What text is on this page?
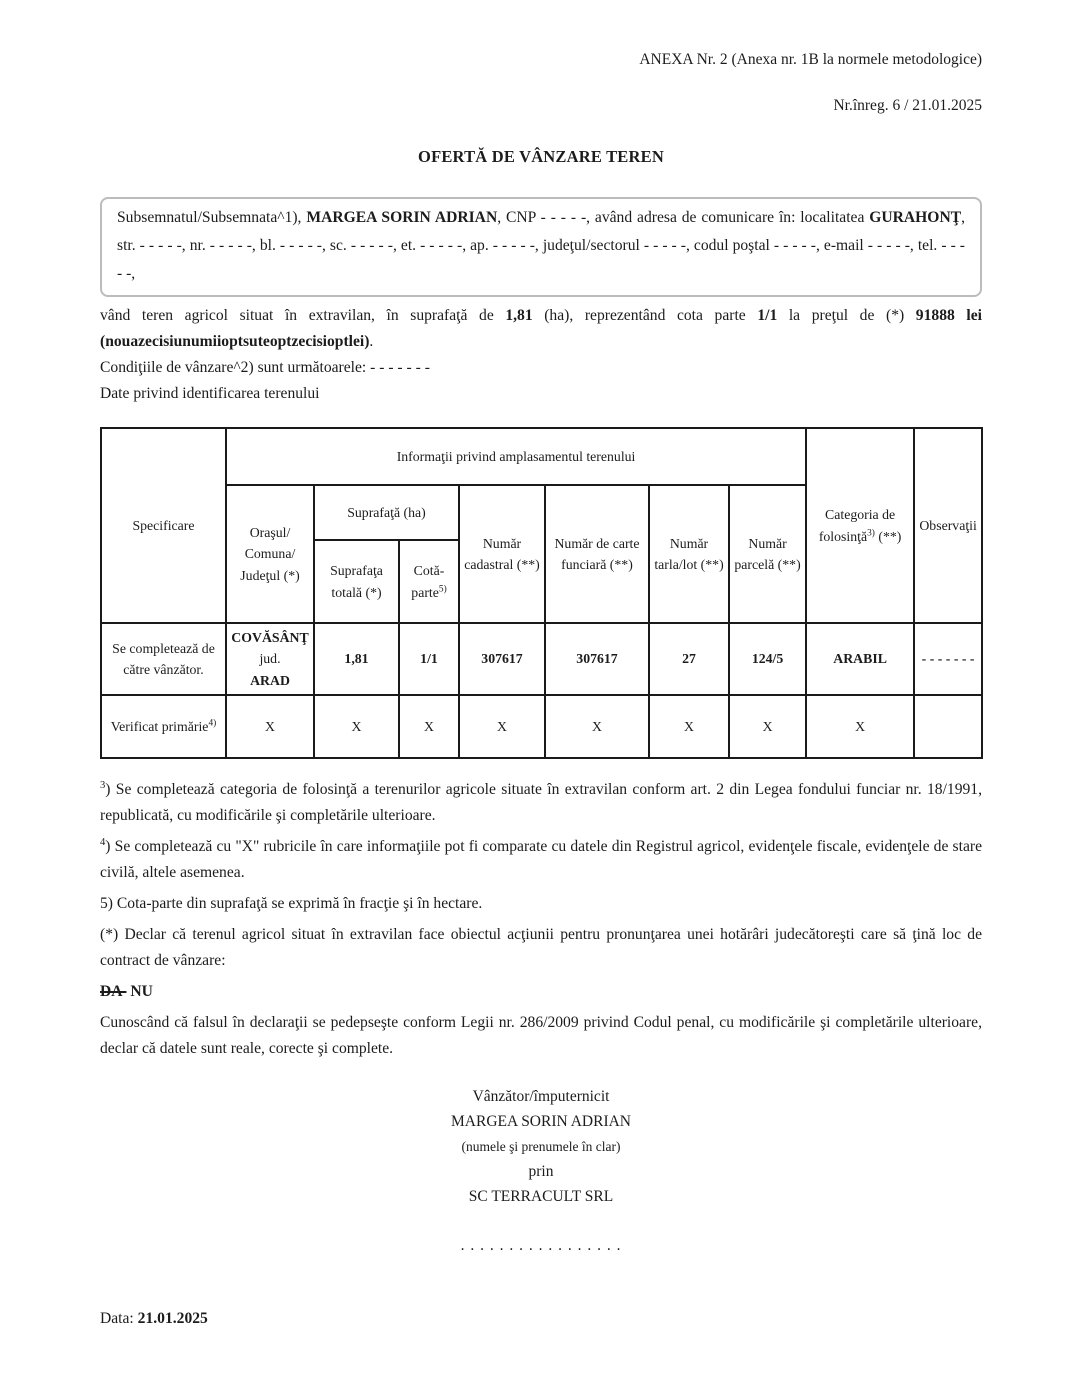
ANEXA Nr. 2 (Anexa nr. 1B la normele metodologice)
Nr.înreg. 6 / 21.01.2025
OFERTĂ DE VÂNZARE TEREN

Subsemnatul/Subsemnata^1), MARGEA SORIN ADRIAN, CNP - - - - -, având adresa de comunicare în: localitatea GURAHONŢ, str. - - - - -, nr. - - - - -, bl. - - - - -, sc. - - - - -, et. - - - - -, ap. - - - - -, judeţul/sectorul - - - - -, codul poştal - - - - -, e-mail - - - - -, tel. - - - - -,

vând teren agricol situat în extravilan, în suprafaţă de 1,81 (ha), reprezentând cota parte 1/1 la preţul de (*) 91888 lei (nouazecisiunumiioptsuteoptzecisioptlei).

Condiţiile de vânzare^2) sunt următoarele: - - - - - - -

Date privind identificarea terenului

Specificare	Informaţii privind amplasamentul terenului							Categoria de folosinţă$^{3)}$ (**)	Observaţii
	Oraşul/ Comuna/ Judeţul (*)	Suprafaţă (ha)		Număr cadastral (**)	Număr de carte funciară (**)	Număr tarla/lot (**)	Număr parcelă (**)		
		Suprafaţa totală (*)	Cotă-parte$^{5)}$
Se completează de către vânzător.	COVĂSÂNŢ
jud.
ARAD	1,81	1/1	307617	307617	27	124/5	ARABIL	- - - - - - -
Verificat primărie$^{4)}$	X	X	X	X	X	X	X	X	

$^3$) Se completează categoria de folosinţă a terenurilor agricole situate în extravilan conform art. 2 din Legea fondului funciar nr. 18/1991, republicată, cu modificările şi completările ulterioare.

$^4$) Se completează cu "X" rubricile în care informaţiile pot fi comparate cu datele din Registrul agricol, evidenţele fiscale, evidenţele de stare civilă, altele asemenea.

5) Cota-parte din suprafaţă se exprimă în fracţie şi în hectare.

(*) Declar că terenul agricol situat în extravilan face obiectul acţiunii pentru pronunţarea unei hotărâri judecătoreşti care să ţină loc de contract de vânzare:

DA  NU

Cunoscând că falsul în declaraţii se pedepseşte conform Legii nr. 286/2009 privind Codul penal, cu modificările şi completările ulterioare, declar că datele sunt reale, corecte şi complete.

Vânzător/împuternicit
MARGEA SORIN ADRIAN
(numele şi prenumele în clar)
prin
SC TERRACULT SRL
. . . . . . . . . . . . . . . . .

Data: 21.01.2025
